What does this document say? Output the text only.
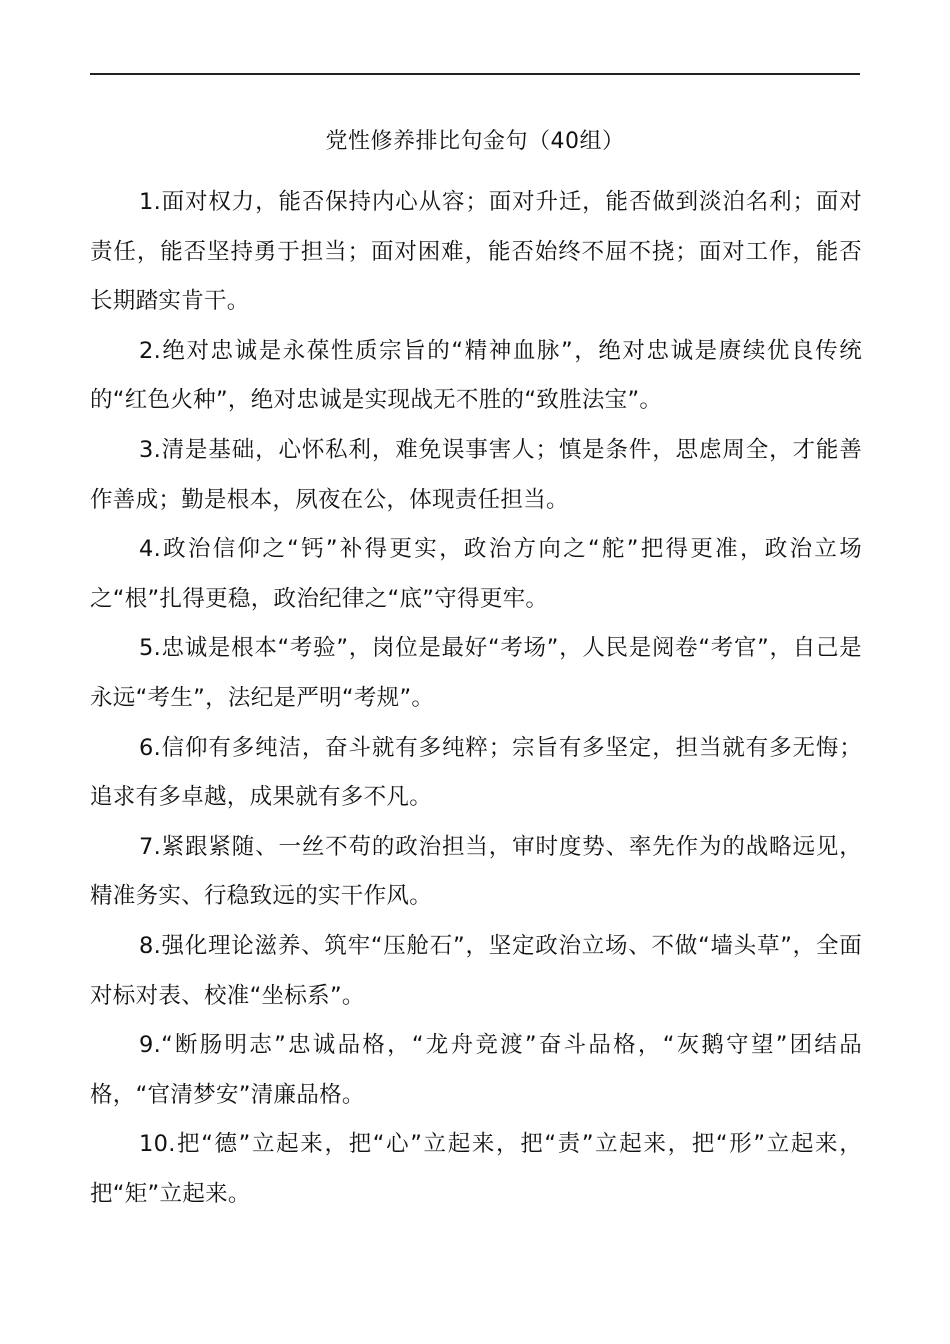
党性修养排比句金句（40组）

1.面对权力，能否保持内心从容；面对升迁，能否做到淡泊名利；面对责任，能否坚持勇于担当；面对困难，能否始终不屈不挠；面对工作，能否长期踏实肯干。

2.绝对忠诚是永葆性质宗旨的“精神血脉”，绝对忠诚是赓续优良传统的“红色火种”，绝对忠诚是实现战无不胜的“致胜法宝”。

3.清是基础，心怀私利，难免误事害人；慎是条件，思虑周全，才能善作善成；勤是根本，夙夜在公，体现责任担当。

4.政治信仰之“钙”补得更实，政治方向之“舵”把得更准，政治立场之“根”扎得更稳，政治纪律之“底”守得更牢。

5.忠诚是根本“考验”，岗位是最好“考场”，人民是阅卷“考官”，自己是永远“考生”，法纪是严明“考规”。

6.信仰有多纯洁，奋斗就有多纯粹；宗旨有多坚定，担当就有多无悔；追求有多卓越，成果就有多不凡。

7.紧跟紧随、一丝不苟的政治担当，审时度势、率先作为的战略远见，精准务实、行稳致远的实干作风。

8.强化理论滋养、筑牢“压舱石”，坚定政治立场、不做“墙头草”，全面对标对表、校准“坐标系”。

9.“断肠明志”忠诚品格，“龙舟竞渡”奋斗品格，“灰鹅守望”团结品格，“官清梦安”清廉品格。

10.把“德”立起来，把“心”立起来，把“责”立起来，把“形”立起来，把“矩”立起来。
